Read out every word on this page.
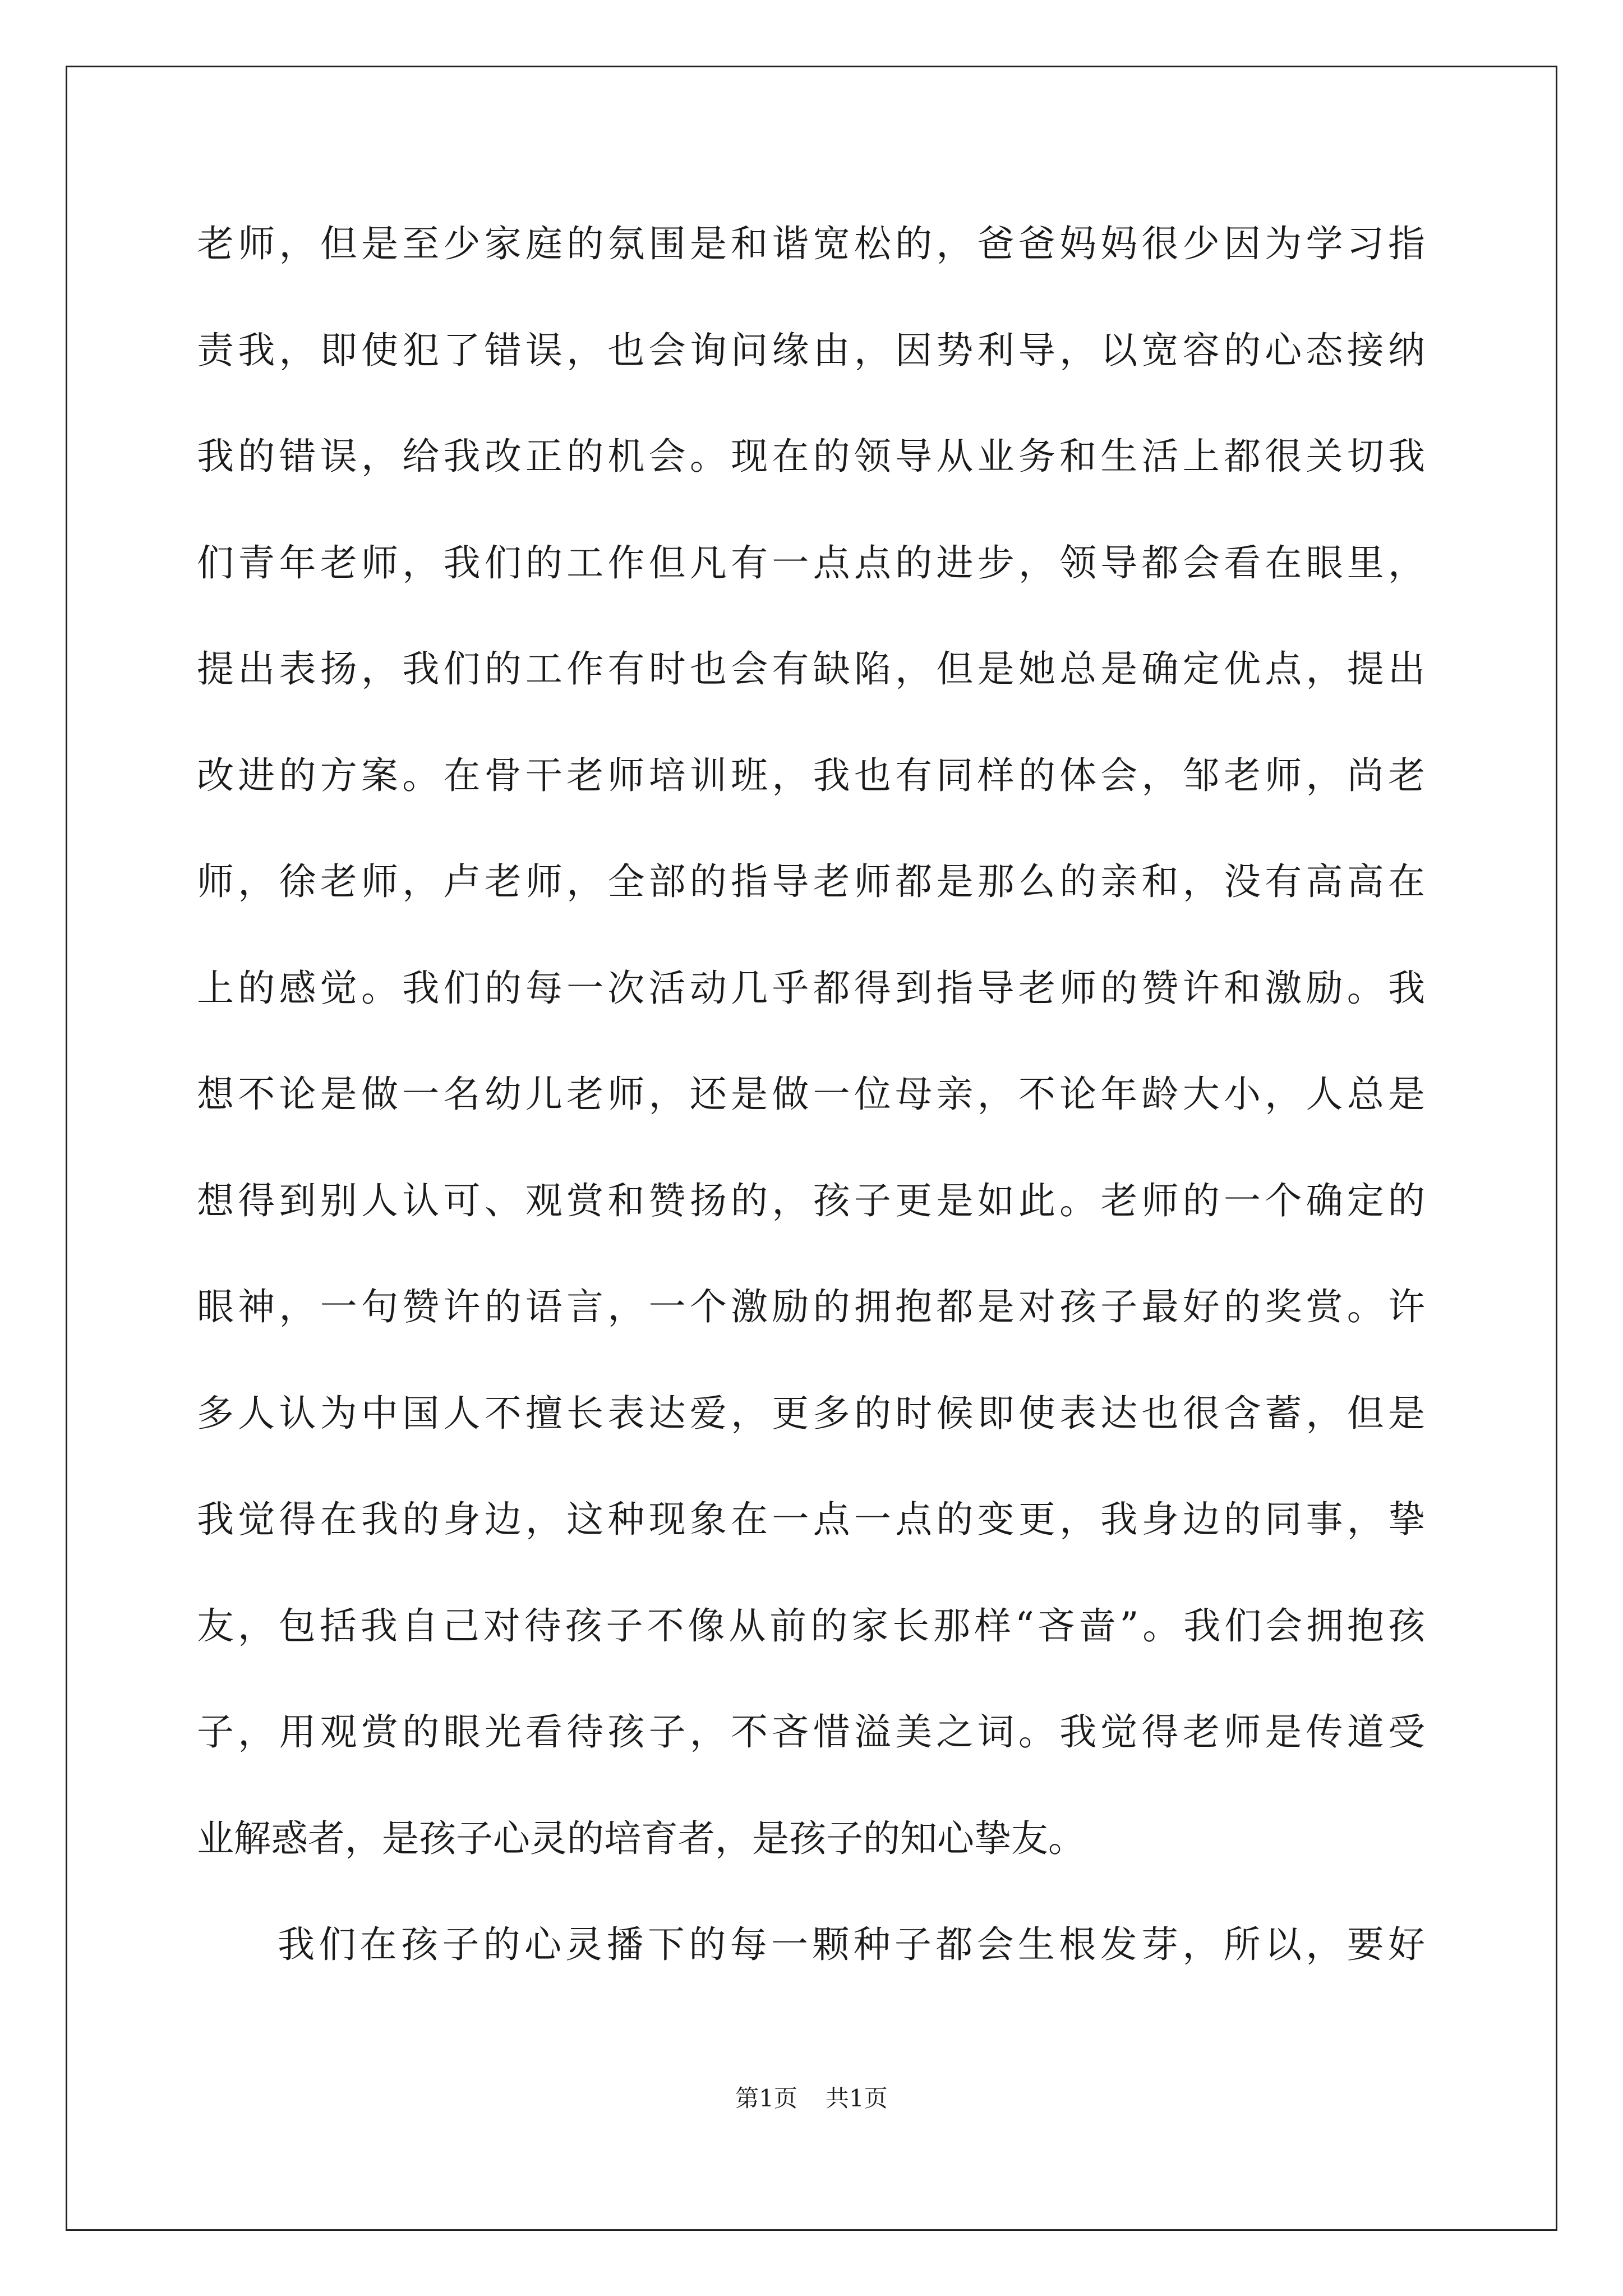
老师，但是至少家庭的氛围是和谐宽松的，爸爸妈妈很少因为学习指
责我，即使犯了错误，也会询问缘由，因势利导，以宽容的心态接纳
我的错误，给我改正的机会。现在的领导从业务和生活上都很关切我
们青年老师，我们的工作但凡有一点点的进步，领导都会看在眼里，
提出表扬，我们的工作有时也会有缺陷，但是她总是确定优点，提出
改进的方案。在骨干老师培训班，我也有同样的体会，邹老师，尚老
师，徐老师，卢老师，全部的指导老师都是那么的亲和，没有高高在
上的感觉。我们的每一次活动几乎都得到指导老师的赞许和激励。我
想不论是做一名幼儿老师，还是做一位母亲，不论年龄大小，人总是
想得到别人认可、观赏和赞扬的，孩子更是如此。老师的一个确定的
眼神，一句赞许的语言，一个激励的拥抱都是对孩子最好的奖赏。许
多人认为中国人不擅长表达爱，更多的时候即使表达也很含蓄，但是
我觉得在我的身边，这种现象在一点一点的变更，我身边的同事，挚
友，包括我自己对待孩子不像从前的家长那样“吝啬”。我们会拥抱孩
子，用观赏的眼光看待孩子，不吝惜溢美之词。我觉得老师是传道受
业解惑者，是孩子心灵的培育者，是孩子的知心挚友。
我们在孩子的心灵播下的每一颗种子都会生根发芽，所以，要好
第1页 共1页
